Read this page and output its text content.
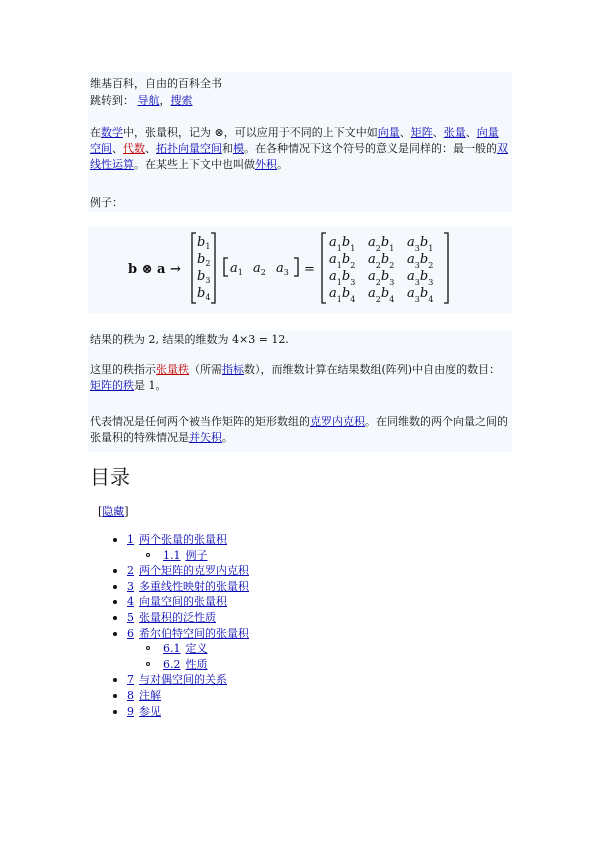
维基百科，自由的百科全书
跳转到： 导航，搜索
在数学中，张量积，记为 ⊗，可以应用于不同的上下文中如向量、矩阵、张量、向量空间、代数、拓扑向量空间和模。在各种情况下这个符号的意义是同样的：最一般的双线性运算。在某些上下文中也叫做外积。
例子：
b ⊗ a →
$b_1$
$b_2$
$b_3$
$b_4$
$a_1$ $a_2$ $a_3$ =
$a_1b_1$ $a_2b_1$ $a_3b_1$
$a_1b_2$ $a_2b_2$ $a_3b_2$
$a_1b_3$ $a_2b_3$ $a_3b_3$
$a_1b_4$ $a_2b_4$ $a_3b_4$
结果的秩为 2, 结果的维数为 4×3 = 12.
这里的秩指示张量秩（所需指标数），而维数计算在结果数组(阵列)中自由度的数目：矩阵的秩是 1。
代表情况是任何两个被当作矩阵的矩形数组的克罗内克积。在同维数的两个向量之间的张量积的特殊情况是并矢积。
目录
[隐藏]
1 两个张量的张量积
1.1 例子
2 两个矩阵的克罗内克积
3 多重线性映射的张量积
4 向量空间的张量积
5 张量积的泛性质
6 希尔伯特空间的张量积
6.1 定义
6.2 性质
7 与对偶空间的关系
8 注解
9 参见
